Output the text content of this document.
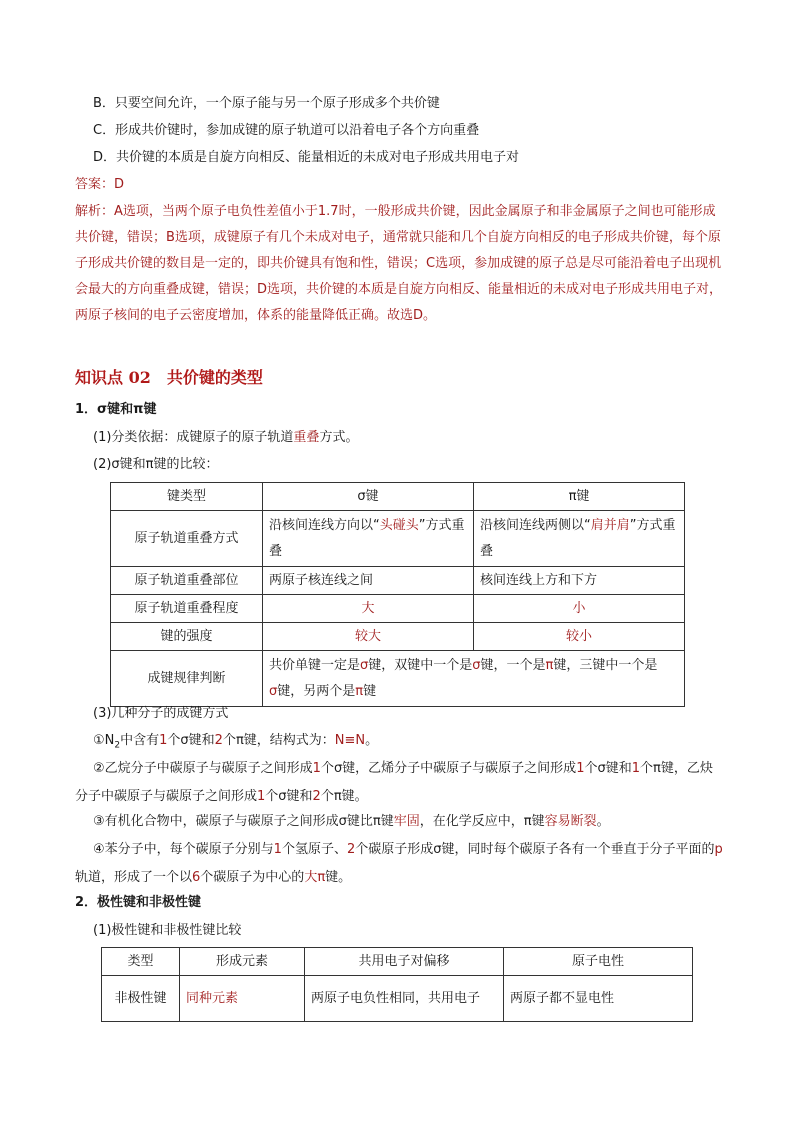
B．只要空间允许，一个原子能与另一个原子形成多个共价键
C．形成共价键时，参加成键的原子轨道可以沿着电子各个方向重叠
D．共价键的本质是自旋方向相反、能量相近的未成对电子形成共用电子对
答案：D
解析：A选项，当两个原子电负性差值小于1.7时，一般形成共价键，因此金属原子和非金属原子之间也可能形成共价键，错误；B选项，成键原子有几个未成对电子，通常就只能和几个自旋方向相反的电子形成共价键，每个原子形成共价键的数目是一定的，即共价键具有饱和性，错误；C选项，参加成键的原子总是尽可能沿着电子出现机会最大的方向重叠成键，错误；D选项，共价键的本质是自旋方向相反、能量相近的未成对电子形成共用电子对，两原子核间的电子云密度增加，体系的能量降低正确。故选D。
知识点 02　共价键的类型
1．σ键和π键
(1)分类依据：成键原子的原子轨道重叠方式。
(2)σ键和π键的比较：
键类型	σ键	π键
原子轨道重叠方式	沿核间连线方向以“头碰头”方式重叠	沿核间连线两侧以“肩并肩”方式重叠
原子轨道重叠部位	两原子核连线之间	核间连线上方和下方
原子轨道重叠程度	大	小
键的强度	较大	较小
成键规律判断	共价单键一定是σ键，双键中一个是σ键，一个是π键，三键中一个是
σ键，另两个是π键	
(3)几种分子的成键方式
$①N_2$中含有1个σ键和2个π键，结构式为：N≡N。
②乙烷分子中碳原子与碳原子之间形成1个σ键，乙烯分子中碳原子与碳原子之间形成1个σ键和1个π键，乙炔分子中碳原子与碳原子之间形成1个σ键和2个π键。
③有机化合物中，碳原子与碳原子之间形成σ键比π键牢固，在化学反应中，π键容易断裂。
④苯分子中，每个碳原子分别与1个氢原子、2个碳原子形成σ键，同时每个碳原子各有一个垂直于分子平面的p轨道，形成了一个以6个碳原子为中心的大π键。
2．极性键和非极性键
(1)极性键和非极性键比较
类型	形成元素	共用电子对偏移	原子电性
非极性键	同种元素	两原子电负性相同，共用电子	两原子都不显电性
